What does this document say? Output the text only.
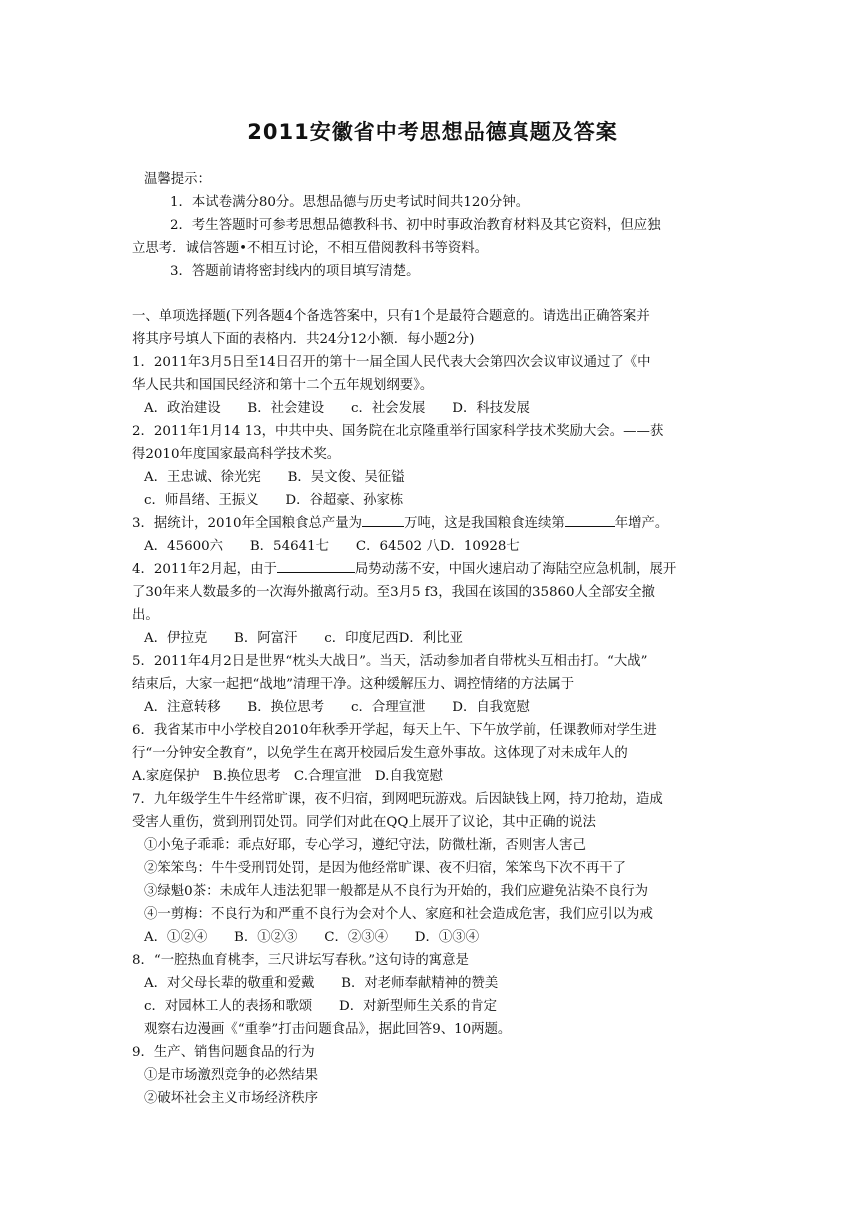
2011安徽省中考思想品德真题及答案
温馨提示：
1．本试卷满分80分。思想品德与历史考试时间共120分钟。
2．考生答题时可参考思想品德教科书、初中时事政治教育材料及其它资料，但应独
立思考．诚信答题•不相互讨论，不相互借阅教科书等资料。
3．答题前请将密封线内的项目填写清楚。
一、单项选择题(下列各题4个备选答案中，只有1个是最符合题意的。请选出正确答案并
将其序号填人下面的表格内．共24分12小额．每小题2分)
1．2011年3月5日至14日召开的第十一届全国人民代表大会第四次会议审议通过了《中
华人民共和国国民经济和第十二个五年规划纲要》。
A．政治建设　　B．社会建设　　c．社会发展　　D．科技发展
2．2011年1月14 13，中共中央、国务院在北京隆重举行国家科学技术奖励大会。——获
得2010年度国家最高科学技术奖。
A．王忠诚、徐光宪　　B．吴文俊、吴征镒
c．师昌绪、王振义　　D．谷超豪、孙家栋
3．据统计，2010年全国粮食总产量为	万吨，这是我国粮食连续第	年增产。
A．45600六　　B．54641七　　C．64502 八D．10928七
4．2011年2月起，由于	局势动荡不安，中国火速启动了海陆空应急机制，展开
了30年来人数最多的一次海外撤离行动。至3月5 f3，我国在该国的35860人全部安全撤
出。
A．伊拉克　　B．阿富汗　　c．印度尼西D．利比亚
5．2011年4月2日是世界“枕头大战日”。当天，活动参加者自带枕头互相击打。“大战”
结束后，大家一起把“战地”清理干净。这种缓解压力、调控情绪的方法属于
A．注意转移　　B．换位思考　　c．合理宣泄　　D．自我宽慰
6．我省某市中小学校自2010年秋季开学起，每天上午、下午放学前，任课教师对学生进
行“一分钟安全教育”，以免学生在离开校园后发生意外事故。这体现了对未成年人的
A.家庭保护　B.换位思考　C.合理宣泄　D.自我宽慰
7．九年级学生牛牛经常旷课，夜不归宿，到网吧玩游戏。后因缺钱上网，持刀抢劫，造成
受害人重伤，赏到刑罚处罚。同学们对此在QQ上展开了议论，其中正确的说法
①小兔子乖乖：乖点好耶，专心学习，遵纪守法，防微杜渐，否则害人害己
②笨笨鸟：牛牛受刑罚处罚，是因为他经常旷课、夜不归宿，笨笨鸟下次不再干了
③绿魁0茶：未成年人违法犯罪一般都是从不良行为开始的，我们应避免沾染不良行为
④一剪梅：不良行为和严重不良行为会对个人、家庭和社会造成危害，我们应引以为戒
A．①②④　　B．①②③　　C．②③④　　D．①③④
8．“一腔热血育桃李，三尺讲坛写春秋。”这句诗的寓意是
A．对父母长辈的敬重和爱戴　　B．对老师奉献精神的赞美
c．对园林工人的表扬和歌颂　　D．对新型师生关系的肯定
观察右边漫画《“重拳”打击问题食品》，据此回答9、10两题。
9．生产、销售问题食品的行为
①是市场激烈竞争的必然结果
②破坏社会主义市场经济秩序
